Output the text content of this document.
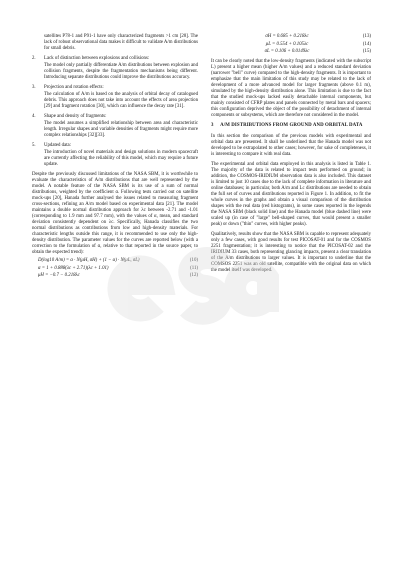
satellites P78-1 and P91-1 have only characterized fragments >1 cm [28]. The lack of robust observational data makes it difficult to validate A/m distributions for small debris.

2. Lack of distinction between explosions and collisions:

The model only partially differentiate A/m distributions between explosion and collision fragments, despite the fragmentation mechanisms being different. Introducing separate distributions could improve the distributions accuracy.

3. Projection and rotation effects:

The calculation of A/m is based on the analysis of orbital decay of catalogued debris. This approach does not take into account the effects of area projection [29] and fragment rotation [30], which can influence the decay rate [31].

4. Shape and density of fragments:

The model assumes a simplified relationship between area and characteristic length. Irregular shapes and variable densities of fragments might require more complex relationships [32][33].

5. Updated data:

The introduction of novel materials and design solutions in modern spacecraft are currently affecting the reliability of this model, which may require a future update.

Despite the previously discussed limitations of the NASA SBM, it is worthwhile to evaluate the characteristics of A/m distributions that are well represented by the model. A notable feature of the NASA SBM is its use of a sum of normal distributions, weighted by the coefficient α. Following tests carried out on satellite mock-ups [20], Hanada further analysed the issues related to measuring fragment cross-sections, refining an A/m model based on experimental data [21]. The model maintains a double normal distribution approach for λc between -2.71 and -1.01 (corresponding to 1.9 mm and 97.7 mm), with the values of α, mean, and standard deviation consistently dependent on λc. Specifically, Hanada classifies the two normal distributions as contributions from low and high-density materials. For characteristic lengths outside this range, it is recommended to use only the high-density distribution. The parameter values for the curves are reported below (with a correction to the formulation of α, relative to that reported in the source paper, to obtain the expected trend):

D(log10 A/m) = α · N(μH, σH) + (1 − α) · N(μL, σL)	(10)
α = 1 + 0.888(λc + 2.71)(λc + 1.01)	(11)
μH = −0.7 − 0.218λc	(12)
σH = 0.685 + 0.218λc	(13)
μL = 0.554 + 0.105λc	(14)
σL = 0.106 + 0.0149λc	(15)

It can be clearly noted that the low-density fragments (indicated with the subscript L) present a higher mean (higher A/m values) and a reduced standard deviation (narrower "bell" curve) compared to the high-density fragments. It is important to emphasize that the main limitation of this study may be related to the lack of development of a more advanced model for larger fragments (above 0.1 m), simulated by the high-density distribution alone. This limitation is due to the fact that the studied mock-ups lacked easily detachable internal components, but mainly consisted of CFRP plates and panels connected by metal bars and spacers; this configuration deprived the object of the possibility of detachment of internal components or subsystems, which are therefore not considered in the model.

3 A/M DISTRIBUTIONS FROM GROUND AND ORBITAL DATA

In this section the comparison of the previous models with experimental and orbital data are presented. It shall be underlined that the Hanada model was not developed to be extrapolated to other cases; however, for sake of completeness, it is interesting to compare it with real data.

The experimental and orbital data employed in this analysis is listed in Table 1. The majority of the data is related to impact tests performed on ground; in addition, the COSMOS-IRIDIUM observation data is also included. This dataset is limited to just 10 cases due to the lack of complete information in literature and online databases; in particular, both A/m and Lc distributions are needed to obtain the full set of curves and distributions reported in Figure 1. In addition, to fit the whole curves in the graphs and obtain a visual comparison of the distribution shapes with the real data (red histograms), in some cases reported in the legends the NASA SBM (black solid line) and the Hanada model (blue dashed line) were scaled up (in case of "large" bell-shaped curves, that would present a smaller peak) or down ("thin" curves, with higher peaks).

Qualitatively, results show that the NASA SBM is capable to represent adequately only a few cases, with good results for test PICOSAT-01 and for the COSMOS 2251 fragmentation; it is interesting to notice that the PICOSAT-02 and the IRIDIUM 33 cases, both representing glancing impacts, present a clear translation of the A/m distributions to larger values. It is important to underline that the COMSOS 2251 was an old satellite, compatible with the original data on which the model itself was developed.
